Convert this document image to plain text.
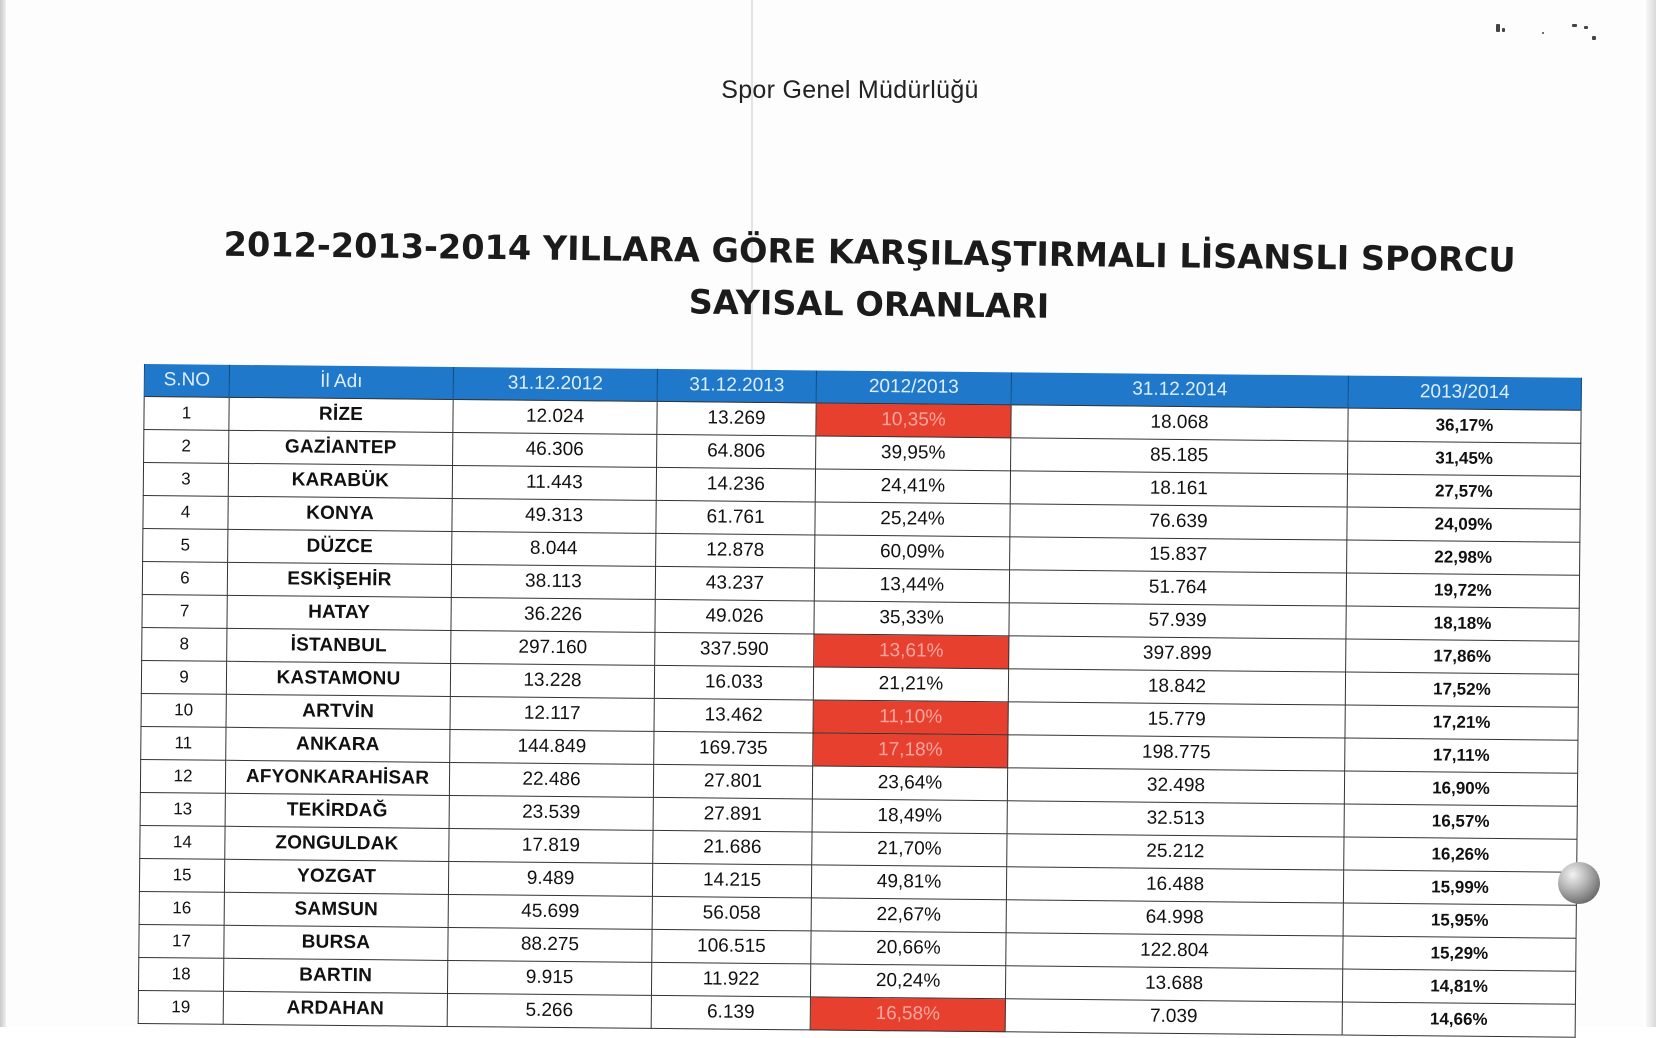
Spor Genel Müdürlüğü
2012-2013-2014 YILLARA GÖRE KARŞILAŞTIRMALI LİSANSLI SPORCU SAYISAL ORANLARI
S.NO	İl Adı	31.12.2012	31.12.2013	2012/2013	31.12.2014	2013/2014
1	RİZE	12.024	13.269	10,35%	18.068	36,17%
2	GAZİANTEP	46.306	64.806	39,95%	85.185	31,45%
3	KARABÜK	11.443	14.236	24,41%	18.161	27,57%
4	KONYA	49.313	61.761	25,24%	76.639	24,09%
5	DÜZCE	8.044	12.878	60,09%	15.837	22,98%
6	ESKİŞEHİR	38.113	43.237	13,44%	51.764	19,72%
7	HATAY	36.226	49.026	35,33%	57.939	18,18%
8	İSTANBUL	297.160	337.590	13,61%	397.899	17,86%
9	KASTAMONU	13.228	16.033	21,21%	18.842	17,52%
10	ARTVİN	12.117	13.462	11,10%	15.779	17,21%
11	ANKARA	144.849	169.735	17,18%	198.775	17,11%
12	AFYONKARAHİSAR	22.486	27.801	23,64%	32.498	16,90%
13	TEKİRDAĞ	23.539	27.891	18,49%	32.513	16,57%
14	ZONGULDAK	17.819	21.686	21,70%	25.212	16,26%
15	YOZGAT	9.489	14.215	49,81%	16.488	15,99%
16	SAMSUN	45.699	56.058	22,67%	64.998	15,95%
17	BURSA	88.275	106.515	20,66%	122.804	15,29%
18	BARTIN	9.915	11.922	20,24%	13.688	14,81%
19	ARDAHAN	5.266	6.139	16,58%	7.039	14,66%
